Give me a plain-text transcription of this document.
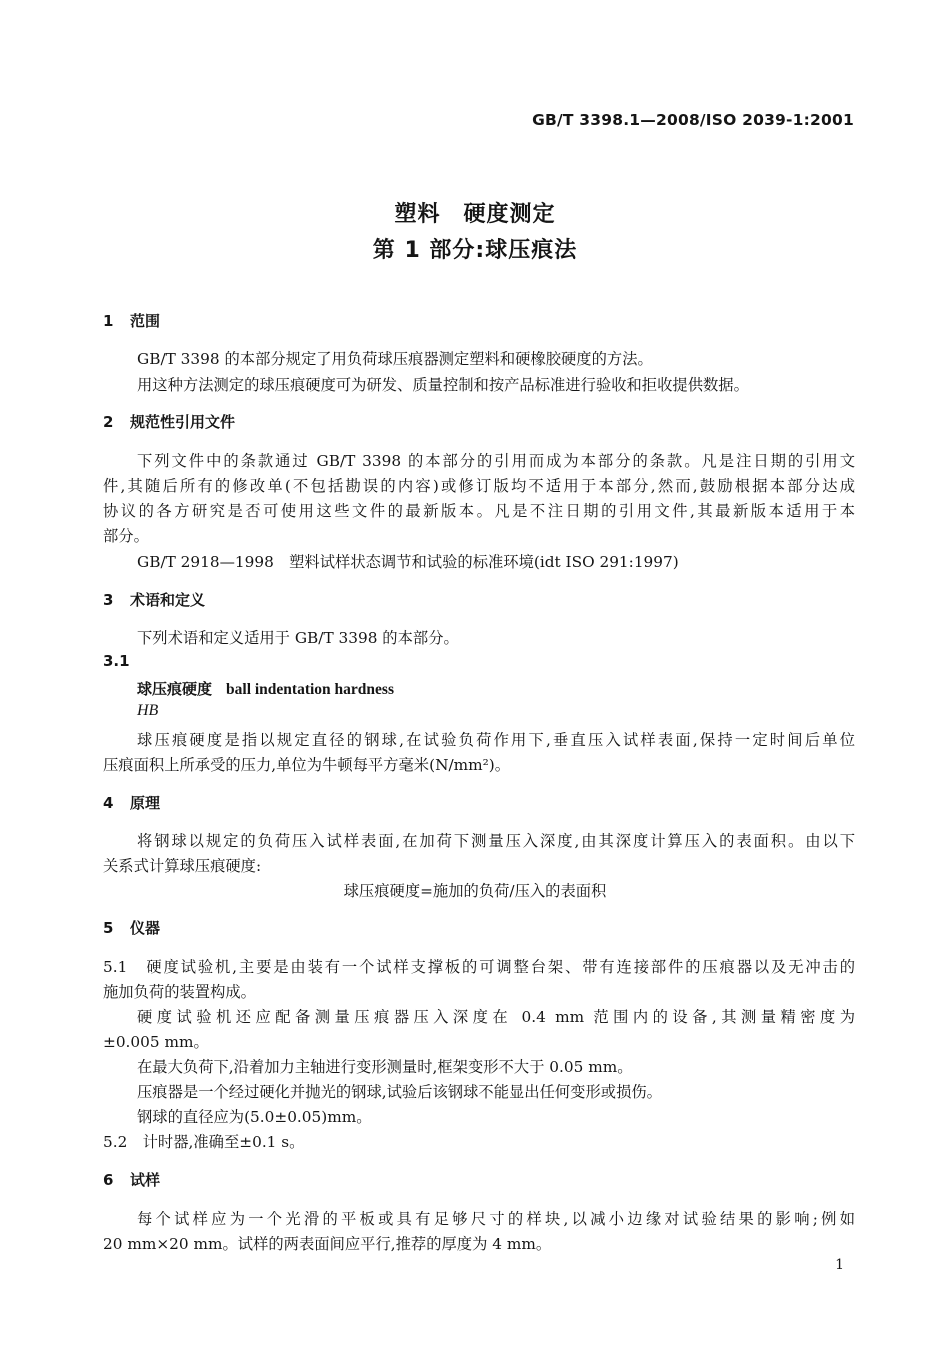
GB/T 3398.1—2008/ISO 2039-1:2001
塑料　硬度测定
第 1 部分:球压痕法
1 范围
GB/T 3398 的本部分规定了用负荷球压痕器测定塑料和硬橡胶硬度的方法。
用这种方法测定的球压痕硬度可为研发、质量控制和按产品标准进行验收和拒收提供数据。
2 规范性引用文件
下列文件中的条款通过 GB/T 3398 的本部分的引用而成为本部分的条款。凡是注日期的引用文
件,其随后所有的修改单(不包括勘误的内容)或修订版均不适用于本部分,然而,鼓励根据本部分达成
协议的各方研究是否可使用这些文件的最新版本。凡是不注日期的引用文件,其最新版本适用于本
部分。
GB/T 2918—1998　塑料试样状态调节和试验的标准环境(idt ISO 291:1997)
3 术语和定义
下列术语和定义适用于 GB/T 3398 的本部分。
3.1
球压痕硬度 ball indentation hardness
HB
球压痕硬度是指以规定直径的钢球,在试验负荷作用下,垂直压入试样表面,保持一定时间后单位
压痕面积上所承受的压力,单位为牛顿每平方毫米(N/mm²)。
4 原理
将钢球以规定的负荷压入试样表面,在加荷下测量压入深度,由其深度计算压入的表面积。由以下
关系式计算球压痕硬度:
球压痕硬度=施加的负荷/压入的表面积
5 仪器
5.1　硬度试验机,主要是由装有一个试样支撑板的可调整台架、带有连接部件的压痕器以及无冲击的
施加负荷的装置构成。
硬度试验机还应配备测量压痕器压入深度在 0.4 mm 范围内的设备,其测量精密度为
±0.005 mm。
在最大负荷下,沿着加力主轴进行变形测量时,框架变形不大于 0.05 mm。
压痕器是一个经过硬化并抛光的钢球,试验后该钢球不能显出任何变形或损伤。
钢球的直径应为(5.0±0.05)mm。
5.2　计时器,准确至±0.1 s。
6 试样
每个试样应为一个光滑的平板或具有足够尺寸的样块,以减小边缘对试验结果的影响;例如
20 mm×20 mm。试样的两表面间应平行,推荐的厚度为 4 mm。
1
